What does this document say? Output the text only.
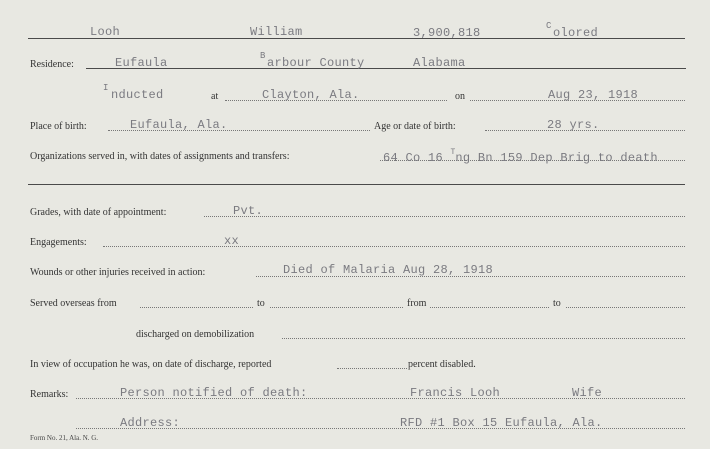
Looh	William	3,900,818	C olored
Residence:	Eufaula	B arbour County	Alabama
I nducted	at	Clayton, Ala.	on	Aug 23, 1918
Place of birth:	Eufaula, Ala.	Age or date of birth:	28 yrs.
Organizations served in, with dates of assignments and transfers:	64 Co 16 $^T$ng Bn 159 Dep Brig to death
Grades, with date of appointment:	Pvt.
Engagements:	xx
Wounds or other injuries received in action:	Died of Malaria Aug 28, 1918
Served overseas from	to	from	to
discharged on demobilization
In view of occupation he was, on date of discharge, reported	percent disabled.
Remarks:	Person notified of death:	Francis Looh	Wife
Address:	RFD #1 Box 15 Eufaula, Ala.
Form No. 21, Ala. N. G.
